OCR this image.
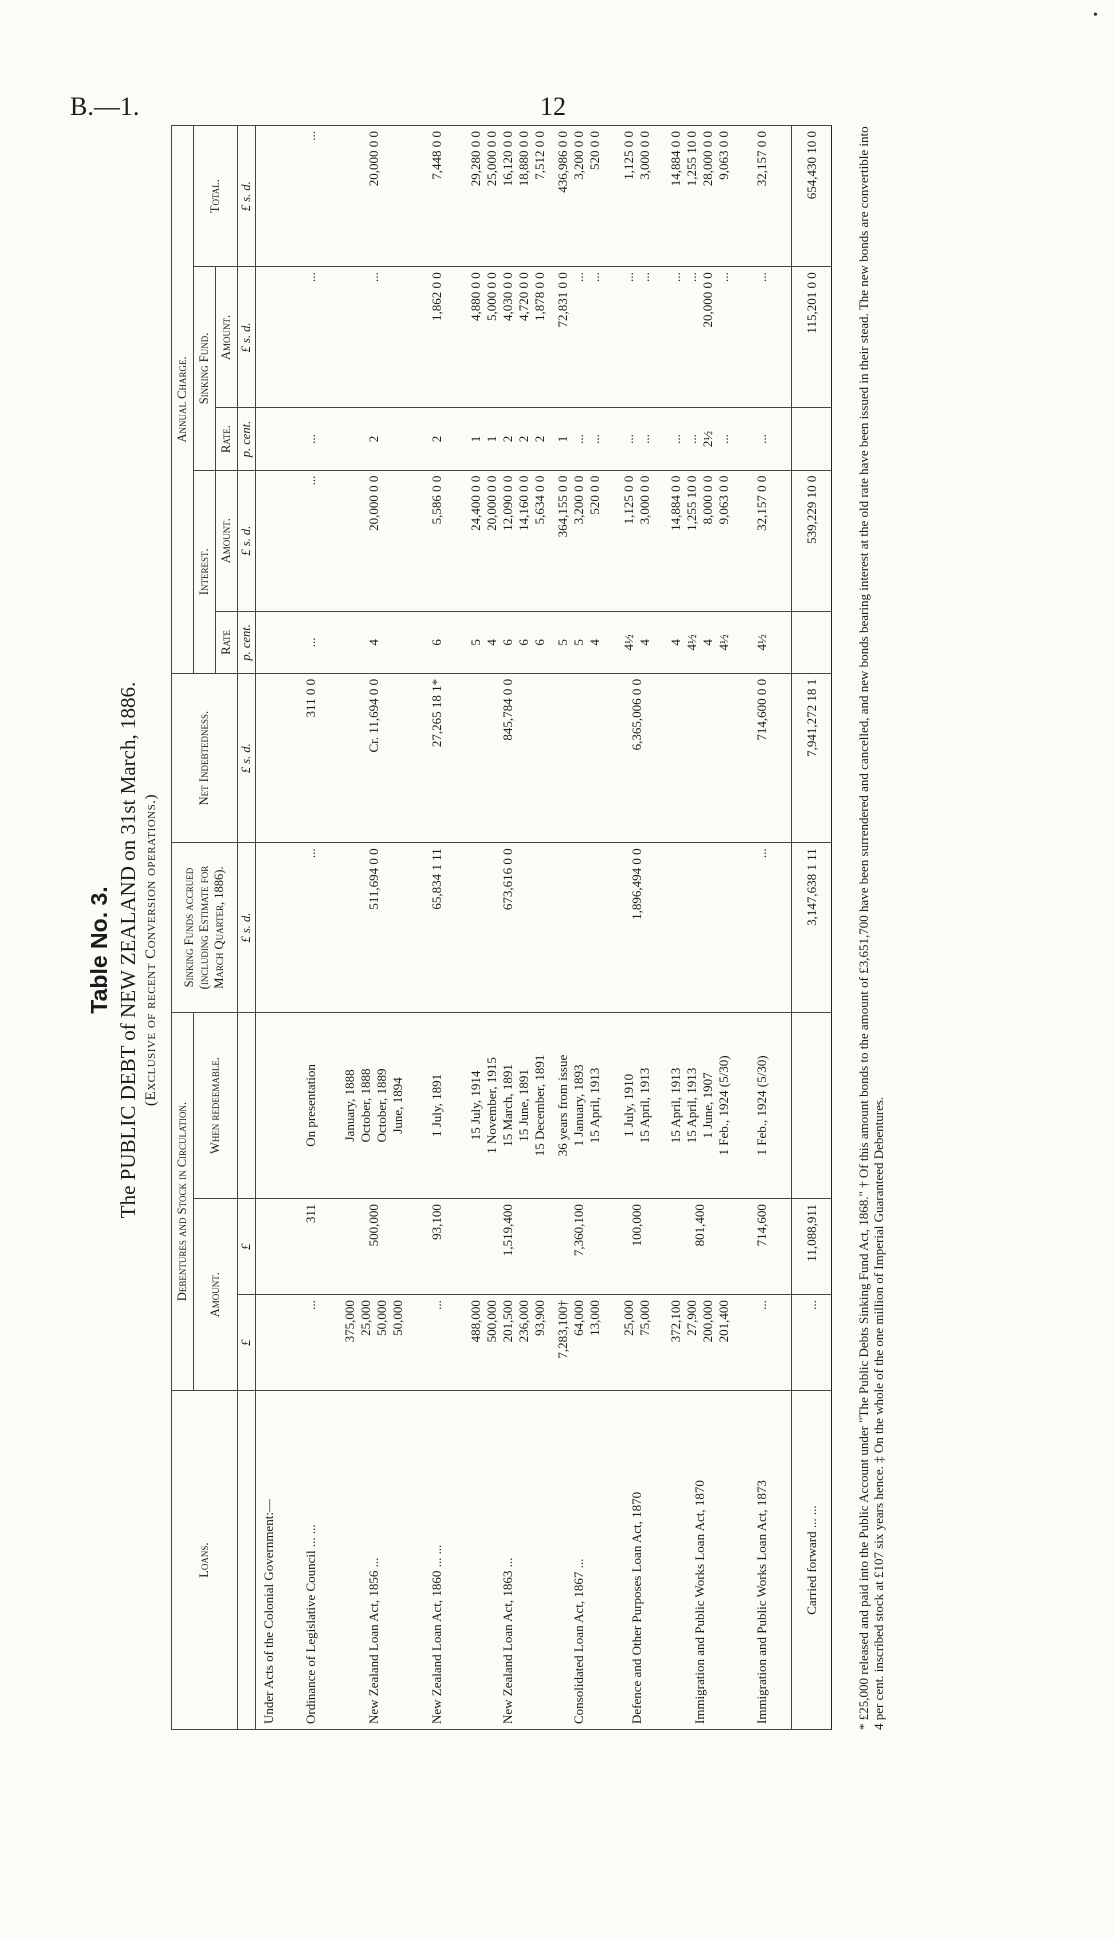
B.—1.	12
Table No. 3. The PUBLIC DEBT of NEW ZEALAND on 31st March, 1886. (Exclusive of recent Conversion operations.)
Loans.	Debentures and Stock in Circulation.			Sinking Funds accrued (including Estimate for March Quarter, 1886).	Net Indebtedness.	Annual Charge.				
	Amount.		When redeemable.			Interest.		Sinking Fund.		Total.
						Rate	Amount.	Rate.	Amount.	
	£	£		£ s. d.	£ s. d.	p. cent.	£ s. d.	p. cent.	£ s. d.	£ s. d.

Under Acts of the Colonial Government:—										

Ordinance of Legislative Council ... ...	...	311	On presentation	...	311 0 0	...	...	...	...	...

New Zealand Loan Act, 1856 ...	375,000 25,000 50,000 50,000	500,000	January, 1888 October, 1888 October, 1889 June, 1894	511,694 0 0	Cr. 11,694 0 0	4	20,000 0 0	2	...	20,000 0 0

New Zealand Loan Act, 1860 ... ...	...	93,100	1 July, 1891	65,834 1 11	27,265 18 1*	6	5,586 0 0	2	1,862 0 0	7,448 0 0

New Zealand Loan Act, 1863 ...	488,000 500,000 201,500 236,000 93,900	1,519,400	15 July, 1914 1 November, 1915 15 March, 1891 15 June, 1891 15 December, 1891	673,616 0 0	845,784 0 0	5 4 6 6 6	24,400 0 0 20,000 0 0 12,090 0 0 14,160 0 0 5,634 0 0	1 1 2 2 2	4,880 0 0 5,000 0 0 4,030 0 0 4,720 0 0 1,878 0 0	29,280 0 0 25,000 0 0 16,120 0 0 18,880 0 0 7,512 0 0

Consolidated Loan Act, 1867 ...	7,283,100† 64,000 13,000	7,360,100	36 years from issue 1 January, 1893 15 April, 1913			5 5 4	364,155 0 0 3,200 0 0 520 0 0	1 ... ...	72,831 0 0 ... ...	436,986 0 0 3,200 0 0 520 0 0

Defence and Other Purposes Loan Act, 1870	25,000 75,000	100,000	1 July, 1910 15 April, 1913	1,896,494 0 0	6,365,006 0 0	4½ 4	1,125 0 0 3,000 0 0	... ...	... ...	1,125 0 0 3,000 0 0

Immigration and Public Works Loan Act, 1870	372,100 27,900 200,000 201,400	801,400	15 April, 1913 15 April, 1913 1 June, 1907 1 Feb., 1924 (5/30)			4 4½ 4 4½	14,884 0 0 1,255 10 0 8,000 0 0 9,063 0 0	... ... 2½ ...	... ... 20,000 0 0 ...	14,884 0 0 1,255 10 0 28,000 0 0 9,063 0 0

Immigration and Public Works Loan Act, 1873	...	714,600	1 Feb., 1924 (5/30)	...	714,600 0 0	4½	32,157 0 0	...	...	32,157 0 0

Carried forward ... ...	...	11,088,911		3,147,638 1 11	7,941,272 18 1		539,229 10 0		115,201 0 0	654,430 10 0	* £25,000 released and paid into the Public Account under "The Public Debts Sinking Fund Act, 1868." † Of this amount bonds to the amount of £3,651,700 have been surrendered and cancelled, and new bonds bearing interest at the old rate have been issued in their stead. The new bonds are convertible into 4 per cent. inscribed stock at £107 six years hence. ‡ On the whole of the one million of Imperial Guaranteed Debentures.
•
